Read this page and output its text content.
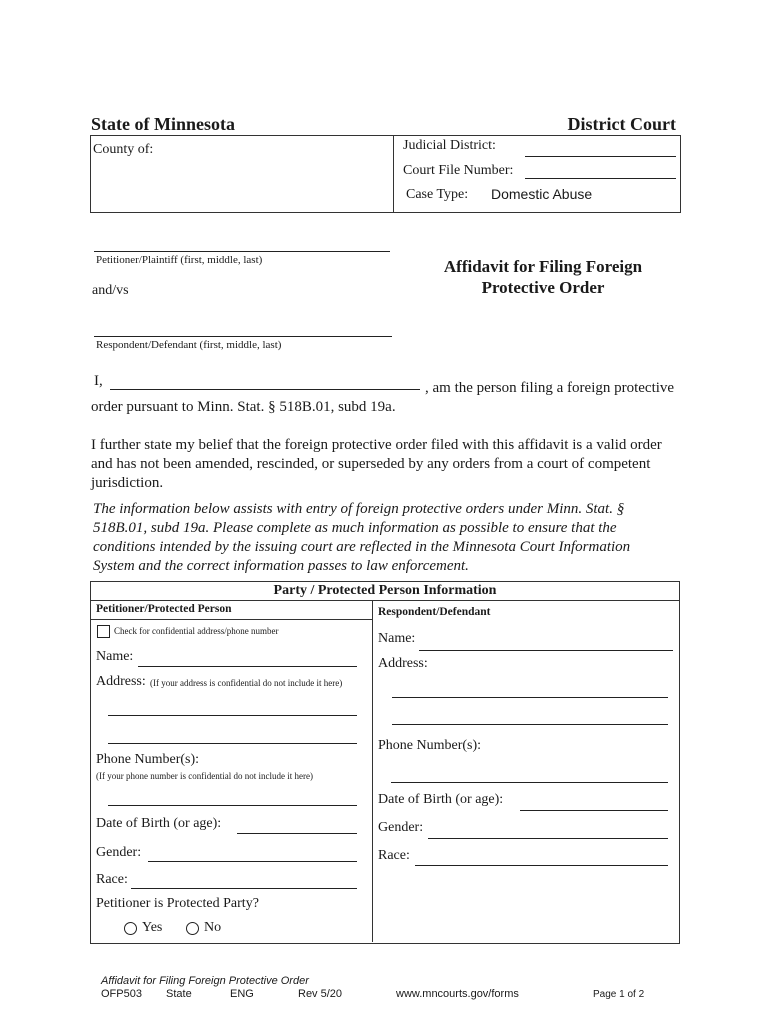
State of Minnesota	District Court
County of:	Judicial District:
Court File Number:
Case Type: Domestic Abuse
Petitioner/Plaintiff (first, middle, last)
and/vs
Respondent/Defendant (first, middle, last)
Affidavit for Filing Foreign
Protective Order
I,	, am the person filing a foreign protective
order pursuant to Minn. Stat. § 518B.01, subd 19a.
I further state my belief that the foreign protective order filed with this affidavit is a valid order
and has not been amended, rescinded, or superseded by any orders from a court of competent
jurisdiction.
The information below assists with entry of foreign protective orders under Minn. Stat. §
518B.01, subd 19a. Please complete as much information as possible to ensure that the
conditions intended by the issuing court are reflected in the Minnesota Court Information
System and the correct information passes to law enforcement.
Party / Protected Person Information
Petitioner/Protected Person
Check for confidential address/phone number
Name:
Address: (If your address is confidential do not include it here)
Phone Number(s):
(If your phone number is confidential do not include it here)
Date of Birth (or age):
Gender:
Race:
Petitioner is Protected Party?
Yes	No
Respondent/Defendant
Name:
Address:
Phone Number(s):
Date of Birth (or age):
Gender:
Race:
Affidavit for Filing Foreign Protective Order
OFP503 State	ENG	Rev 5/20	www.mncourts.gov/forms	Page 1 of 2
